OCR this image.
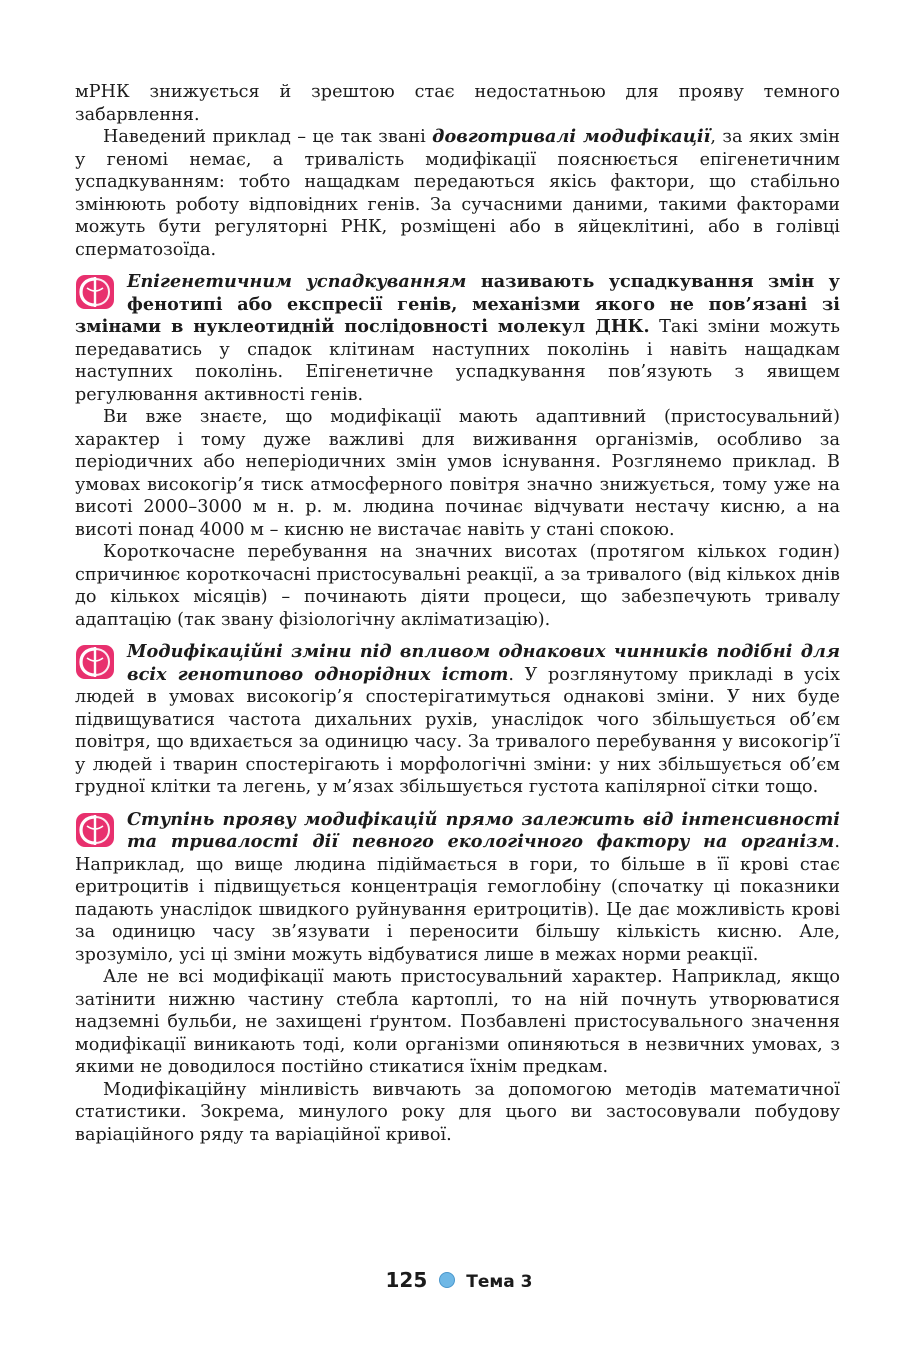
мРНК знижується й зрештою стає недостатньою для прояву темного забарвлення.

Наведений приклад – це так звані довготривалі модифікації, за яких змін у геномі немає, а тривалість модифікації пояснюється епігенетичним успадкуванням: тобто нащадкам передаються якісь фактори, що стабільно змінюють роботу відповідних генів. За сучасними даними, такими факторами можуть бути регуляторні РНК, розміщені або в яйцеклітині, або в голівці сперматозоїда.

Епігенетичним успадкуванням називають успадкування змін у фенотипі або експресії генів, механізми якого не пов’язані зі змінами в нуклеотидній послідовності молекул ДНК. Такі зміни можуть передаватись у спадок клітинам наступних поколінь і навіть нащадкам наступних поколінь. Епігенетичне успадкування пов’язують з явищем регулювання активності генів.

Ви вже знаєте, що модифікації мають адаптивний (пристосувальний) характер і тому дуже важливі для виживання організмів, особливо за періодичних або неперіодичних змін умов існування. Розглянемо приклад. В умовах високогір’я тиск атмосферного повітря значно знижується, тому уже на висоті 2000–3000 м н. р. м. людина починає відчувати нестачу кисню, а на висоті понад 4000 м – кисню не вистачає навіть у стані спокою.

Короткочасне перебування на значних висотах (протягом кількох годин) спричинює короткочасні пристосувальні реакції, а за тривалого (від кількох днів до кількох місяців) – починають діяти процеси, що забезпечують тривалу адаптацію (так звану фізіологічну акліматизацію).

Модифікаційні зміни під впливом однакових чинників подібні для всіх генотипово однорідних істот. У розглянутому прикладі в усіх людей в умовах високогір’я спостерігатимуться однакові зміни. У них буде підвищуватися частота дихальних рухів, унаслідок чого збільшується об’єм повітря, що вдихається за одиницю часу. За тривалого перебування у високогір’ї у людей і тварин спостерігають і морфологічні зміни: у них збільшується об’єм грудної клітки та легень, у м’язах збільшується густота капілярної сітки тощо.

Ступінь прояву модифікацій прямо залежить від інтенсивності та тривалості дії певного екологічного фактору на організм. Наприклад, що вище людина підіймається в гори, то більше в її крові стає еритроцитів і підвищується концентрація гемоглобіну (спочатку ці показники падають унаслідок швидкого руйнування еритроцитів). Це дає можливість крові за одиницю часу зв’язувати і переносити більшу кількість кисню. Але, зрозуміло, усі ці зміни можуть відбуватися лише в межах норми реакції.

Але не всі модифікації мають пристосувальний характер. Наприклад, якщо затінити нижню частину стебла картоплі, то на ній почнуть утворюватися надземні бульби, не захищені ґрунтом. Позбавлені пристосувального значення модифікації виникають тоді, коли організми опиняються в незвичних умовах, з якими не доводилося постійно стикатися їхнім предкам.

Модифікаційну мінливість вивчають за допомогою методів математичної статистики. Зокрема, минулого року для цього ви застосовували побудову варіаційного ряду та варіаційної кривої.

125 Тема 3
